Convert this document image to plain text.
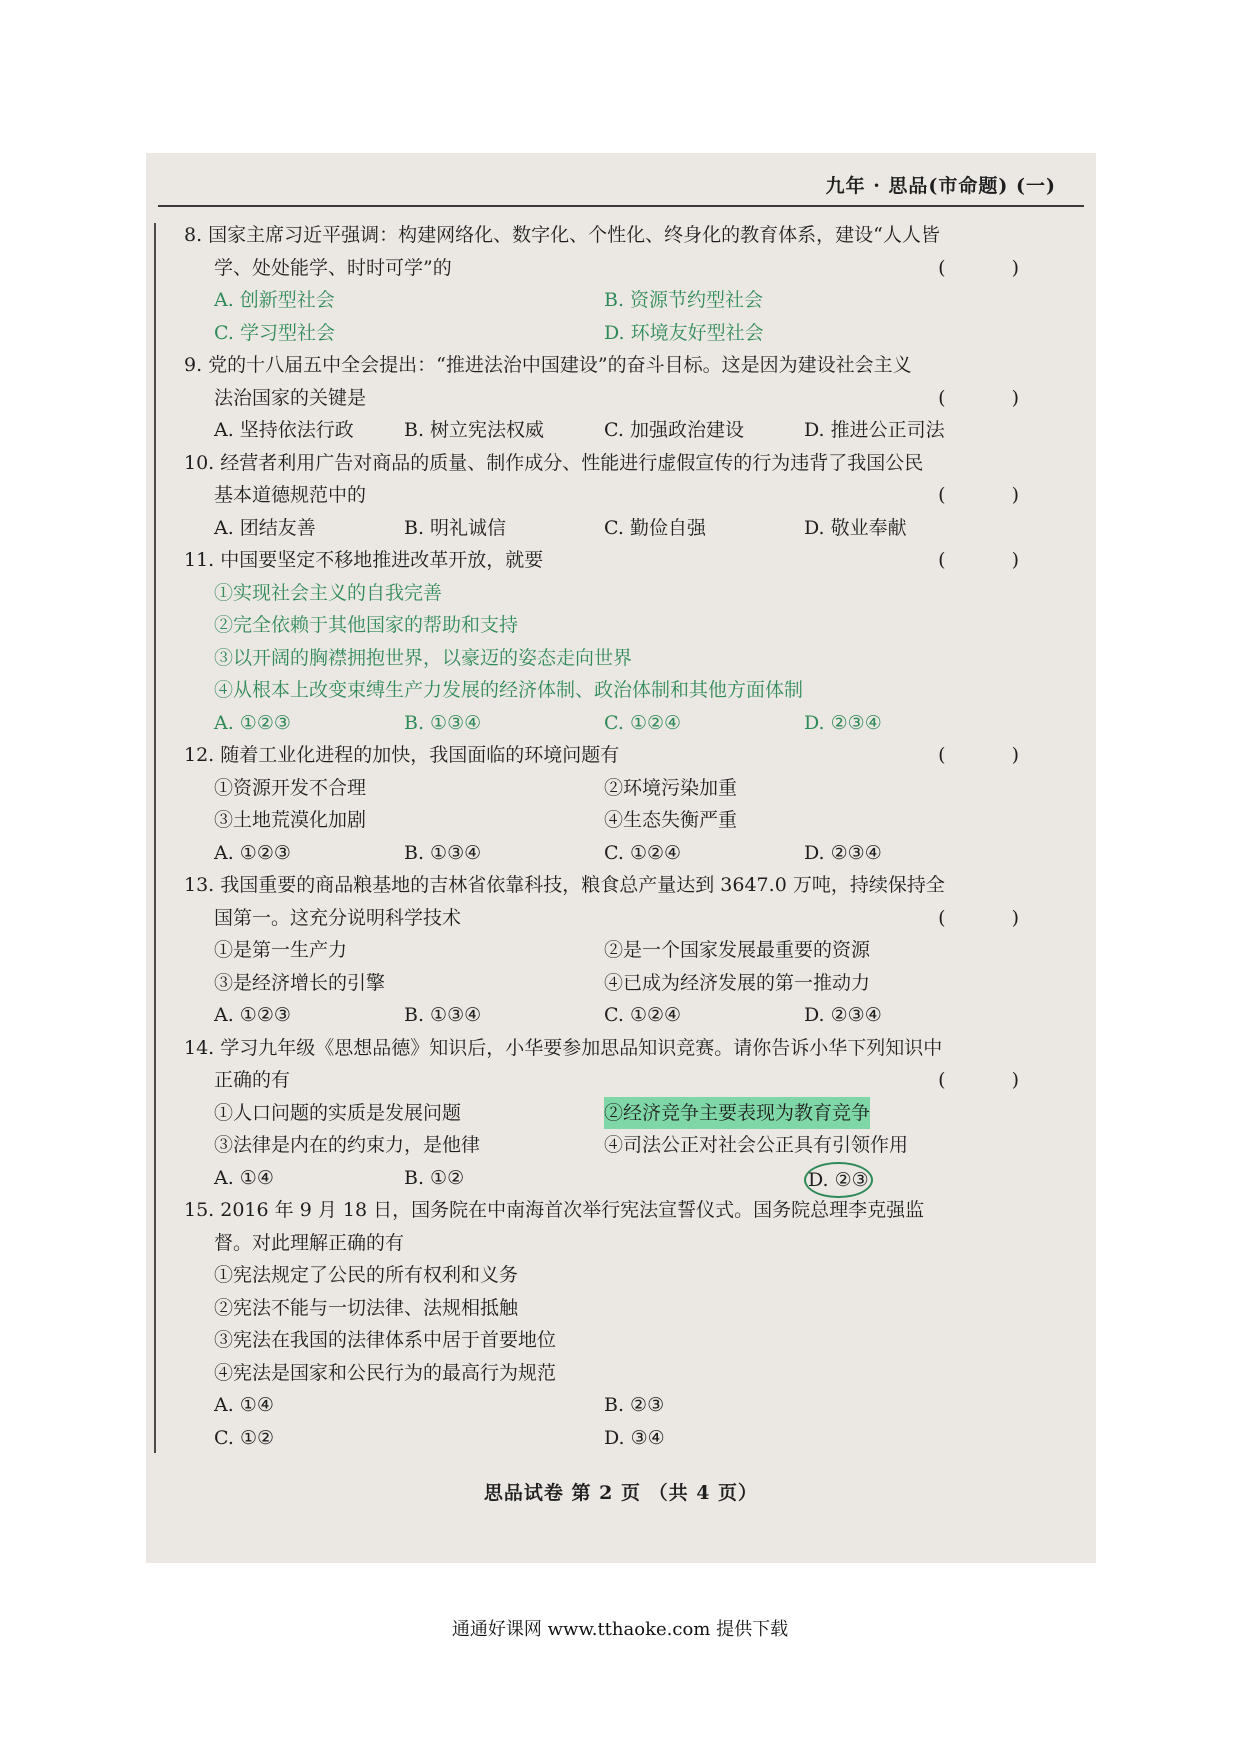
九年 · 思品(市命题) (一)
8. 国家主席习近平强调：构建网络化、数字化、个性化、终身化的教育体系，建设“人人皆
学、处处能学、时时可学”的	( )
A. 创新型社会	B. 资源节约型社会
C. 学习型社会	D. 环境友好型社会
9. 党的十八届五中全会提出：“推进法治中国建设”的奋斗目标。这是因为建设社会主义
法治国家的关键是	( )
A. 坚持依法行政	B. 树立宪法权威	C. 加强政治建设	D. 推进公正司法
10. 经营者利用广告对商品的质量、制作成分、性能进行虚假宣传的行为违背了我国公民
基本道德规范中的	( )
A. 团结友善	B. 明礼诚信	C. 勤俭自强	D. 敬业奉献
11. 中国要坚定不移地推进改革开放，就要	( )
①实现社会主义的自我完善
②完全依赖于其他国家的帮助和支持
③以开阔的胸襟拥抱世界，以豪迈的姿态走向世界
④从根本上改变束缚生产力发展的经济体制、政治体制和其他方面体制
A. ①②③	B. ①③④	C. ①②④	D. ②③④
12. 随着工业化进程的加快，我国面临的环境问题有	( )
①资源开发不合理	②环境污染加重
③土地荒漠化加剧	④生态失衡严重
A. ①②③	B. ①③④	C. ①②④	D. ②③④
13. 我国重要的商品粮基地的吉林省依靠科技，粮食总产量达到 3647.0 万吨，持续保持全
国第一。这充分说明科学技术	( )
①是第一生产力	②是一个国家发展最重要的资源
③是经济增长的引擎	④已成为经济发展的第一推动力
A. ①②③	B. ①③④	C. ①②④	D. ②③④
14. 学习九年级《思想品德》知识后，小华要参加思品知识竞赛。请你告诉小华下列知识中
正确的有	( )
①人口问题的实质是发展问题	②经济竞争主要表现为教育竞争
③法律是内在的约束力，是他律	④司法公正对社会公正具有引领作用
A. ①④	B. ①②	D. ②③
15. 2016 年 9 月 18 日，国务院在中南海首次举行宪法宣誓仪式。国务院总理李克强监
督。对此理解正确的有
①宪法规定了公民的所有权利和义务
②宪法不能与一切法律、法规相抵触
③宪法在我国的法律体系中居于首要地位
④宪法是国家和公民行为的最高行为规范
A. ①④	B. ②③
C. ①②	D. ③④
思品试卷 第 2 页 （共 4 页）
通通好课网 www.tthaoke.com 提供下载
